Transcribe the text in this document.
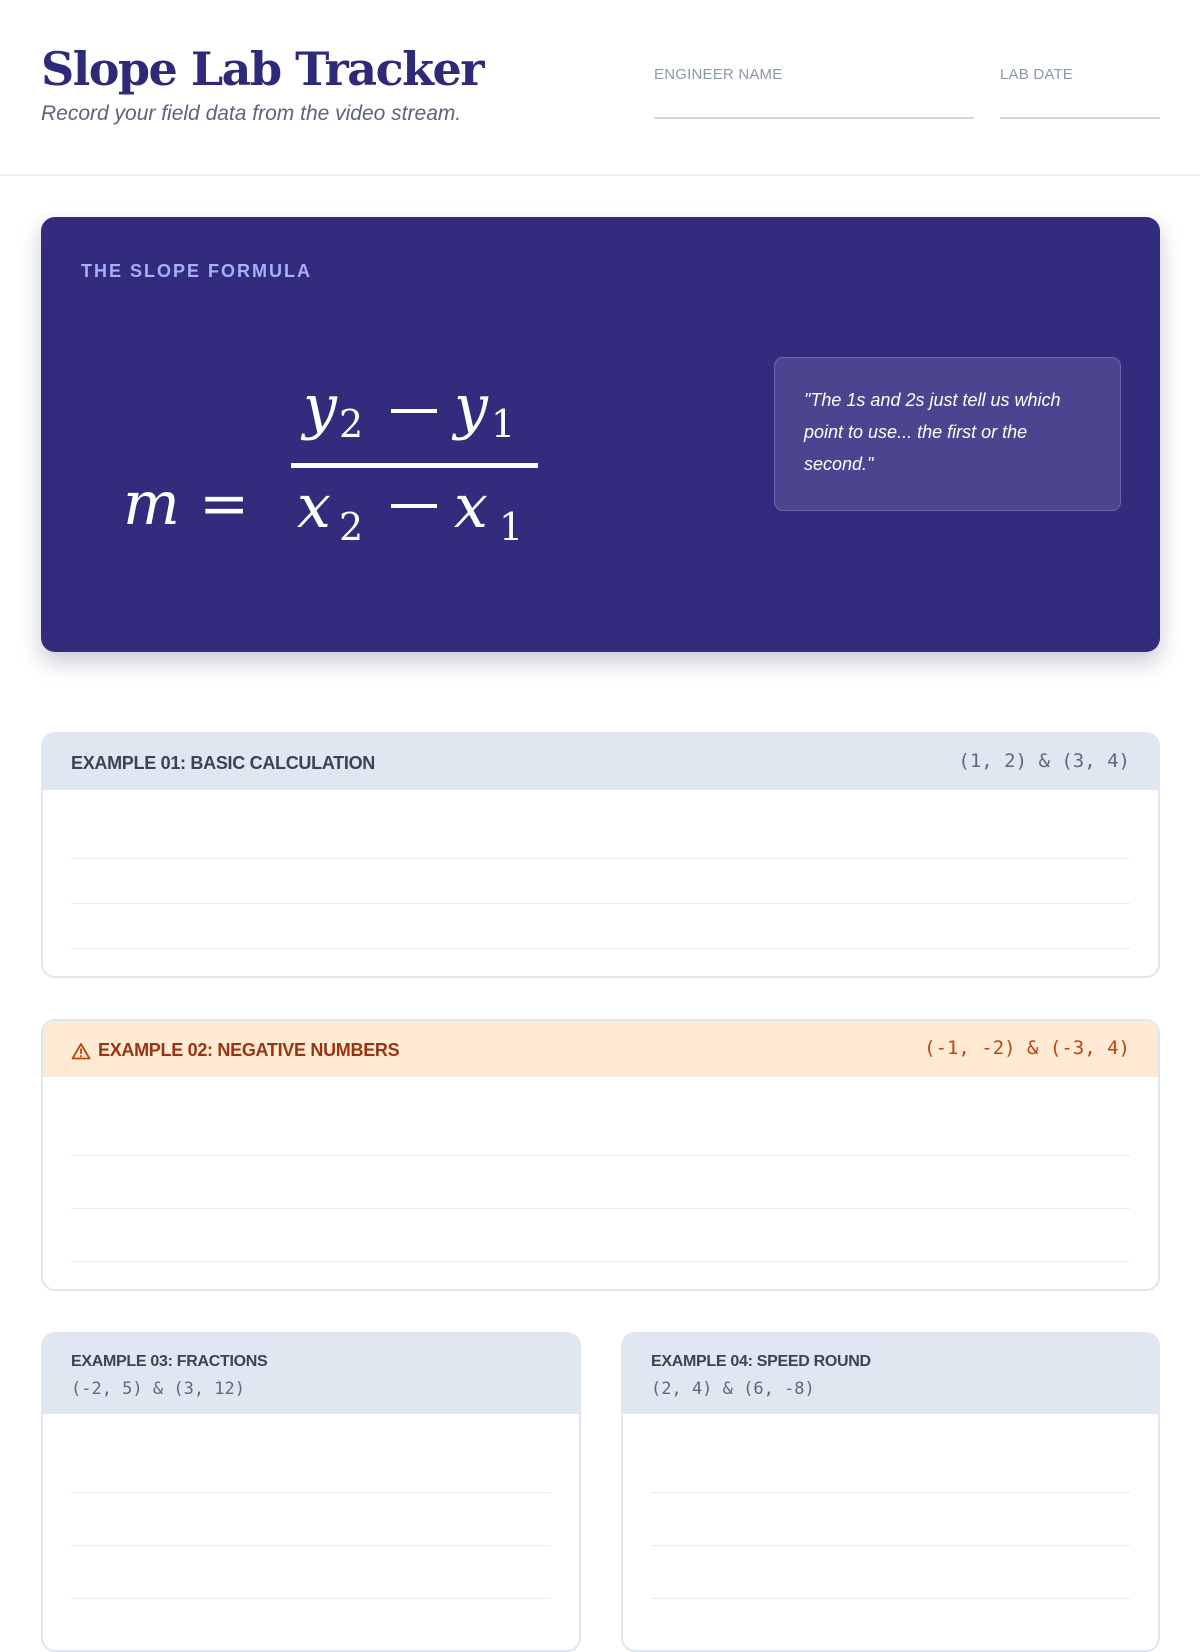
Slope Lab Tracker
Record your field data from the video stream.
ENGINEER NAME	LAB DATE
THE SLOPE FORMULA
m =
y 2 y 1
x 2 x 1
"The 1s and 2s just tell us which point to use... the first or the second."
EXAMPLE 01: BASIC CALCULATION	(1, 2) & (3, 4)
EXAMPLE 02: NEGATIVE NUMBERS	(-1, -2) & (-3, 4)
EXAMPLE 03: FRACTIONS
(-2, 5) & (3, 12)
EXAMPLE 04: SPEED ROUND
(2, 4) & (6, -8)
